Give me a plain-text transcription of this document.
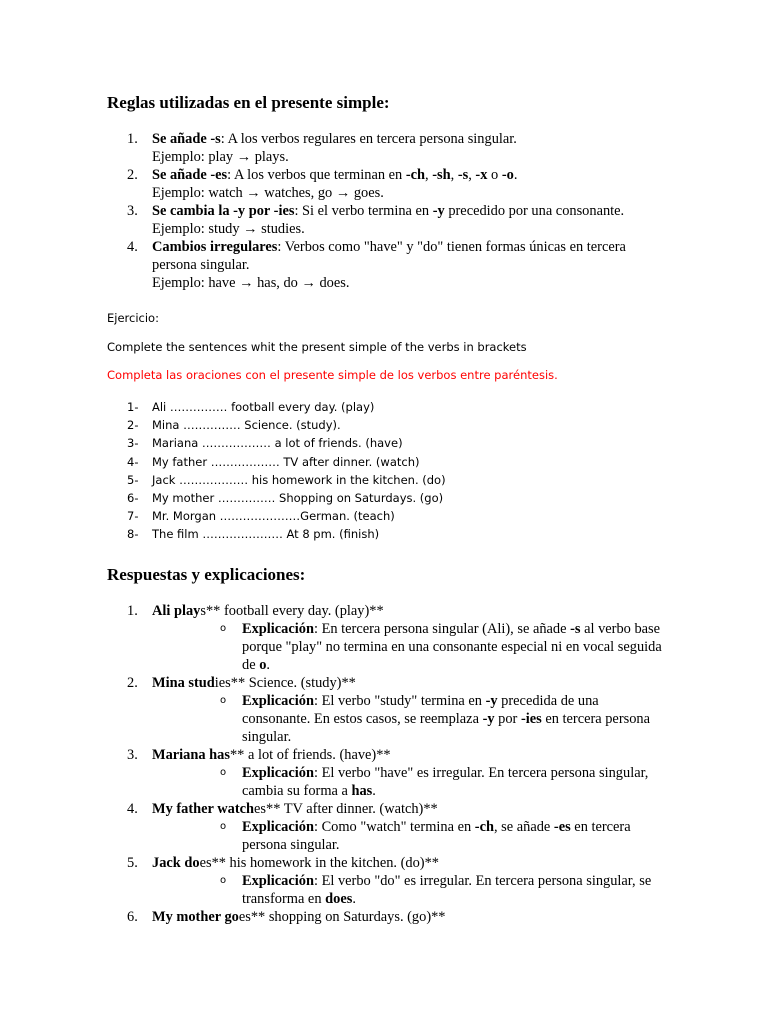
Reglas utilizadas en el presente simple:
1. Se añade -s: A los verbos regulares en tercera persona singular.
Ejemplo: play → plays.
2. Se añade -es: A los verbos que terminan en -ch, -sh, -s, -x o -o.
Ejemplo: watch → watches, go → goes.
3. Se cambia la -y por -ies: Si el verbo termina en -y precedido por una consonante.
Ejemplo: study → studies.
4. Cambios irregulares: Verbos como "have" y "do" tienen formas únicas en tercera persona singular.
Ejemplo: have → has, do → does.

Ejercicio:

Complete the sentences whit the present simple of the verbs in brackets

Completa las oraciones con el presente simple de los verbos entre paréntesis.

1- Ali …………… football every day. (play)
2- Mina …………… Science. (study).
3- Mariana ……………… a lot of friends. (have)
4- My father ……………… TV after dinner. (watch)
5- Jack ……………… his homework in the kitchen. (do)
6- My mother …………… Shopping on Saturdays. (go)
7- Mr. Morgan …………………German. (teach)
8- The film ………………… At 8 pm. (finish)
Respuestas y explicaciones:
1. Ali plays** football every day. (play)**
o Explicación: En tercera persona singular (Ali), se añade -s al verbo base porque "play" no termina en una consonante especial ni en vocal seguida de o.
2. Mina studies** Science. (study)**
o Explicación: El verbo "study" termina en -y precedida de una consonante. En estos casos, se reemplaza -y por -ies en tercera persona singular.
3. Mariana has** a lot of friends. (have)**
o Explicación: El verbo "have" es irregular. En tercera persona singular, cambia su forma a has.
4. My father watches** TV after dinner. (watch)**
o Explicación: Como "watch" termina en -ch, se añade -es en tercera persona singular.
5. Jack does** his homework in the kitchen. (do)**
o Explicación: El verbo "do" es irregular. En tercera persona singular, se transforma en does.
6. My mother goes** shopping on Saturdays. (go)**
